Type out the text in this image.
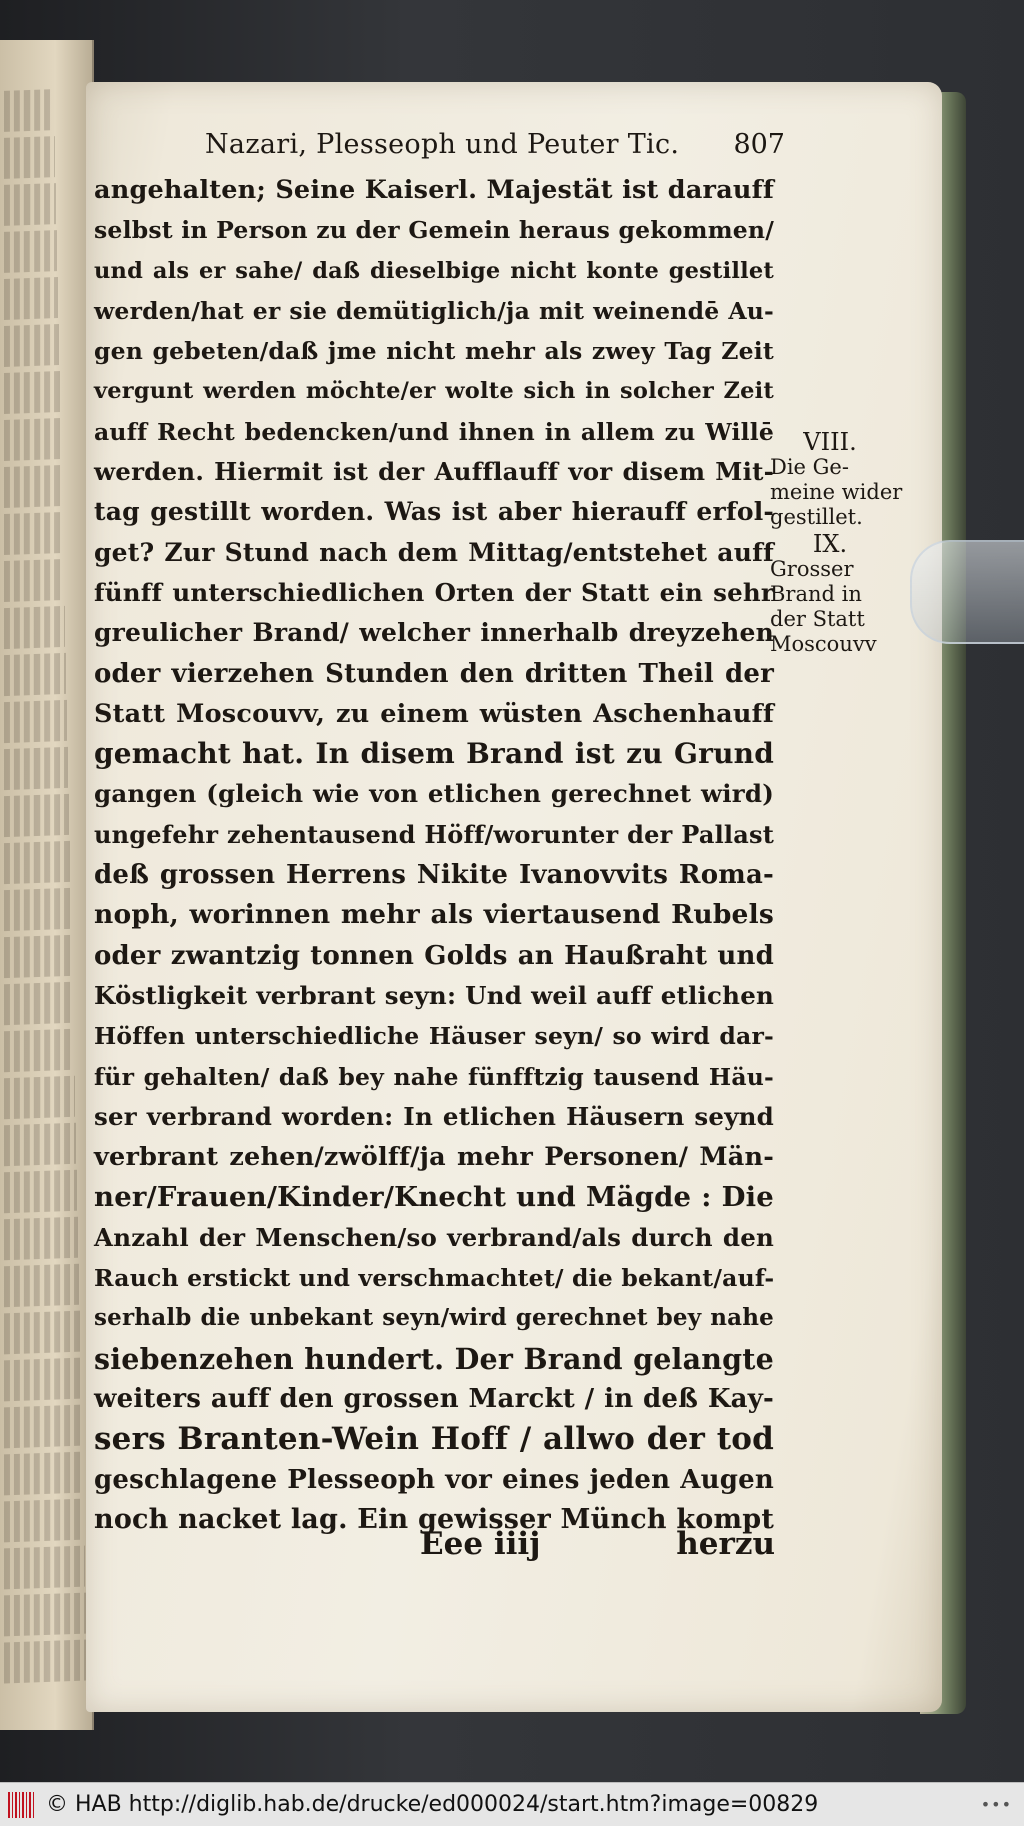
Nazari, Plesseoph und Peuter Tic. 807
angehalten; Seine Kaiserl. Majestät ist darauff
selbst in Person zu der Gemein heraus gekommen/
und als er sahe/ daß dieselbige nicht konte gestillet
werden/hat er sie demütiglich/ja mit weinendē Au-
gen gebeten/daß jme nicht mehr als zwey Tag Zeit
vergunt werden möchte/er wolte sich in solcher Zeit
auff Recht bedencken/und ihnen in allem zu Willē
werden. Hiermit ist der Aufflauff vor disem Mit-
tag gestillt worden. Was ist aber hierauff erfol-
get? Zur Stund nach dem Mittag/entstehet auff
fünff unterschiedlichen Orten der Statt ein sehr
greulicher Brand/ welcher innerhalb dreyzehen
oder vierzehen Stunden den dritten Theil der
Statt Moscouvv, zu einem wüsten Aschenhauff
gemacht hat. In disem Brand ist zu Grund
gangen (gleich wie von etlichen gerechnet wird)
ungefehr zehentausend Höff/worunter der Pallast
deß grossen Herrens Nikite Ivanovvits Roma-
noph, worinnen mehr als viertausend Rubels
oder zwantzig tonnen Golds an Haußraht und
Köstligkeit verbrant seyn: Und weil auff etlichen
Höffen unterschiedliche Häuser seyn/ so wird dar-
für gehalten/ daß bey nahe fünfftzig tausend Häu-
ser verbrand worden: In etlichen Häusern seynd
verbrant zehen/zwölff/ja mehr Personen/ Män-
ner/Frauen/Kinder/Knecht und Mägde : Die
Anzahl der Menschen/so verbrand/als durch den
Rauch erstickt und verschmachtet/ die bekant/auf-
serhalb die unbekant seyn/wird gerechnet bey nahe
siebenzehen hundert. Der Brand gelangte
weiters auff den grossen Marckt / in deß Kay-
sers Branten-Wein Hoff / allwo der tod
geschlagene Plesseoph vor eines jeden Augen
noch nacket lag. Ein gewisser Münch kompt
VIII.
Die Ge-
meine wider
gestillet.
IX.
Grosser
Brand in
der Statt
Moscouvv
Eee iiij	herzu
© HAB http://diglib.hab.de/drucke/ed000024/start.htm?image=00829	•••
